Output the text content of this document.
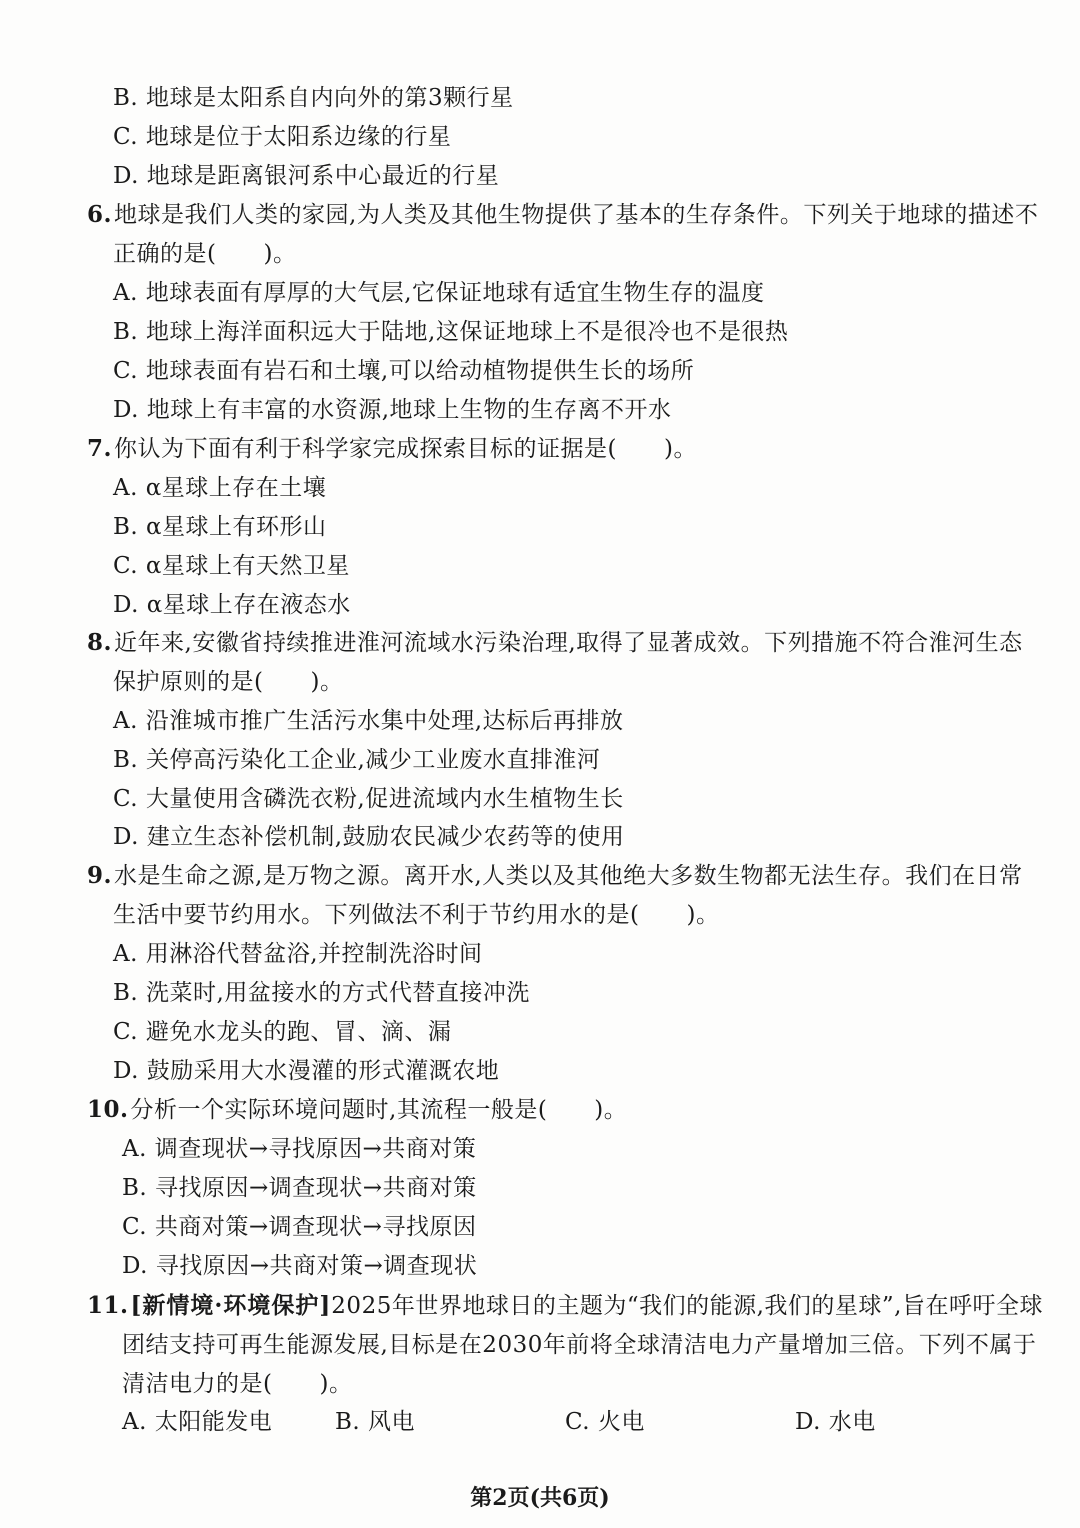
B. 地球是太阳系自内向外的第3颗行星
C. 地球是位于太阳系边缘的行星
D. 地球是距离银河系中心最近的行星
6.地球是我们人类的家园,为人类及其他生物提供了基本的生存条件。下列关于地球的描述不
正确的是(　　)。
A. 地球表面有厚厚的大气层,它保证地球有适宜生物生存的温度
B. 地球上海洋面积远大于陆地,这保证地球上不是很冷也不是很热
C. 地球表面有岩石和土壤,可以给动植物提供生长的场所
D. 地球上有丰富的水资源,地球上生物的生存离不开水
7.你认为下面有利于科学家完成探索目标的证据是(　　)。
A. α星球上存在土壤
B. α星球上有环形山
C. α星球上有天然卫星
D. α星球上存在液态水
8.近年来,安徽省持续推进淮河流域水污染治理,取得了显著成效。下列措施不符合淮河生态
保护原则的是(　　)。
A. 沿淮城市推广生活污水集中处理,达标后再排放
B. 关停高污染化工企业,减少工业废水直排淮河
C. 大量使用含磷洗衣粉,促进流域内水生植物生长
D. 建立生态补偿机制,鼓励农民减少农药等的使用
9.水是生命之源,是万物之源。离开水,人类以及其他绝大多数生物都无法生存。我们在日常
生活中要节约用水。下列做法不利于节约用水的是(　　)。
A. 用淋浴代替盆浴,并控制洗浴时间
B. 洗菜时,用盆接水的方式代替直接冲洗
C. 避免水龙头的跑、冒、滴、漏
D. 鼓励采用大水漫灌的形式灌溉农地
10.分析一个实际环境问题时,其流程一般是(　　)。
A. 调查现状→寻找原因→共商对策
B. 寻找原因→调查现状→共商对策
C. 共商对策→调查现状→寻找原因
D. 寻找原因→共商对策→调查现状
11.[新情境·环境保护]2025年世界地球日的主题为“我们的能源,我们的星球”,旨在呼吁全球
团结支持可再生能源发展,目标是在2030年前将全球清洁电力产量增加三倍。下列不属于
清洁电力的是(　　)。
A. 太阳能发电	B. 风电	C. 火电	D. 水电
第2页(共6页)
